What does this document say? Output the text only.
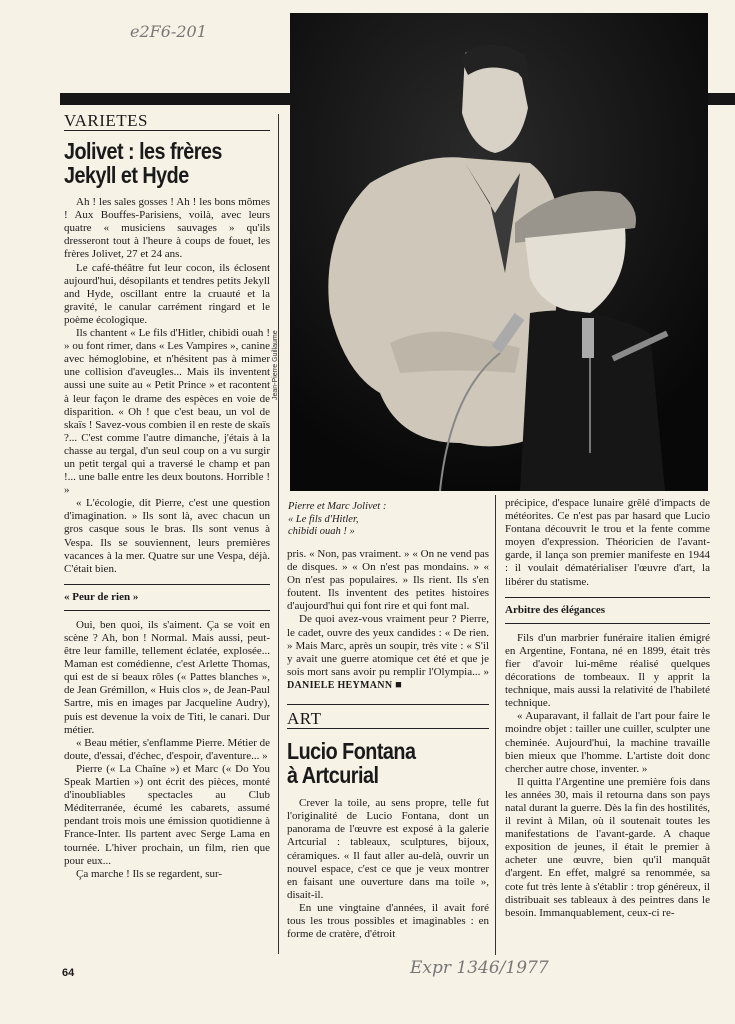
e2F6-201
VARIETES
Jolivet : les frères
Jekyll et Hyde

Ah ! les sales gosses ! Ah ! les bons mômes ! Aux Bouffes-Parisiens, voilà, avec leurs quatre « musiciens sauvages » qu'ils dresseront tout à l'heure à coups de fouet, les frères Jolivet, 27 et 24 ans.

Le café-théâtre fut leur cocon, ils éclosent aujourd'hui, désopilants et tendres petits Jekyll and Hyde, oscillant entre la cruauté et la gravité, le canular carrément ringard et le poème écologique.

Ils chantent « Le fils d'Hitler, chibidi ouah ! » ou font rimer, dans « Les Vampires », canine avec hémoglobine, et n'hésitent pas à mimer une collision d'aveugles... Mais ils inventent aussi une suite au « Petit Prince » et racontent à leur façon le drame des espèces en voie de disparition. « Oh ! que c'est beau, un vol de skaïs ! Savez-vous combien il en reste de skaïs ?... C'est comme l'autre dimanche, j'étais à la chasse au tergal, d'un seul coup on a vu surgir un petit tergal qui a traversé le champ et pan !... une balle entre les deux boutons. Horrible ! »

« L'écologie, dit Pierre, c'est une question d'imagination. » Ils sont là, avec chacun un gros casque sous le bras. Ils sont venus à Vespa. Ils se souviennent, leurs premières vacances à la mer. Quatre sur une Vespa, déjà. C'était bien.

« Peur de rien »

Oui, ben quoi, ils s'aiment. Ça se voit en scène ? Ah, bon ! Normal. Mais aussi, peut-être leur famille, tellement éclatée, explosée... Maman est comédienne, c'est Arlette Thomas, qui est de si beaux rôles (« Pattes blanches », de Jean Grémillon, « Huis clos », de Jean-Paul Sartre, mis en images par Jacqueline Audry), puis est devenue la voix de Titi, le canari. Dur métier.

« Beau métier, s'enflamme Pierre. Métier de doute, d'essai, d'échec, d'espoir, d'aventure... »

Pierre (« La Chaîne ») et Marc (« Do You Speak Martien ») ont écrit des pièces, monté d'inoubliables spectacles au Club Méditerranée, écumé les cabarets, assumé pendant trois mois une émission quotidienne à France-Inter. Ils partent avec Serge Lama en tournée. L'hiver prochain, un film, rien que pour eux...

Ça marche ! Ils se regardent, sur-

Jean-Pierre Guillaume
Pierre et Marc Jolivet :
« Le fils d'Hitler,
chibidi ouah ! »

pris. « Non, pas vraiment. » « On ne vend pas de disques. » « On n'est pas mondains. » « On n'est pas populaires. » Ils rient. Ils s'en foutent. Ils inventent des petites histoires d'aujourd'hui qui font rire et qui font mal.

De quoi avez-vous vraiment peur ? Pierre, le cadet, ouvre des yeux candides : « De rien. » Mais Marc, après un soupir, très vite : « S'il y avait une guerre atomique cet été et que je sois mort sans avoir pu remplir l'Olympia... » DANIELE HEYMANN ■

ART
Lucio Fontana
à Artcurial

Crever la toile, au sens propre, telle fut l'originalité de Lucio Fontana, dont un panorama de l'œuvre est exposé à la galerie Artcurial : tableaux, sculptures, bijoux, céramiques. « Il faut aller au-delà, ouvrir un nouvel espace, c'est ce que je veux montrer en faisant une ouverture dans ma toile », disait-il.

En une vingtaine d'années, il avait foré tous les trous possibles et imaginables : en forme de cratère, d'étroit

précipice, d'espace lunaire grêlé d'impacts de météorites. Ce n'est pas par hasard que Lucio Fontana découvrit le trou et la fente comme moyen d'expression. Théoricien de l'avant-garde, il lança son premier manifeste en 1944 : il voulait dématérialiser l'œuvre d'art, la libérer du statisme.

Arbitre des élégances

Fils d'un marbrier funéraire italien émigré en Argentine, Fontana, né en 1899, était très fier d'avoir lui-même réalisé quelques décorations de tombeaux. Il y apprit la technique, mais aussi la relativité de l'habileté technique.

« Auparavant, il fallait de l'art pour faire le moindre objet : tailler une cuiller, sculpter une cheminée. Aujourd'hui, la machine travaille bien mieux que l'homme. L'artiste doit donc chercher autre chose, inventer. »

Il quitta l'Argentine une première fois dans les années 30, mais il retourna dans son pays natal durant la guerre. Dès la fin des hostilités, il revint à Milan, où il soutenait toutes les manifestations de l'avant-garde. A chaque exposition de jeunes, il était le premier à acheter une œuvre, bien qu'il manquât d'argent. En effet, malgré sa renommée, sa cote fut très lente à s'établir : trop généreux, il distribuait ses tableaux à des peintres dans le besoin. Immanquablement, ceux-ci re-

64	Expr 1346/1977
